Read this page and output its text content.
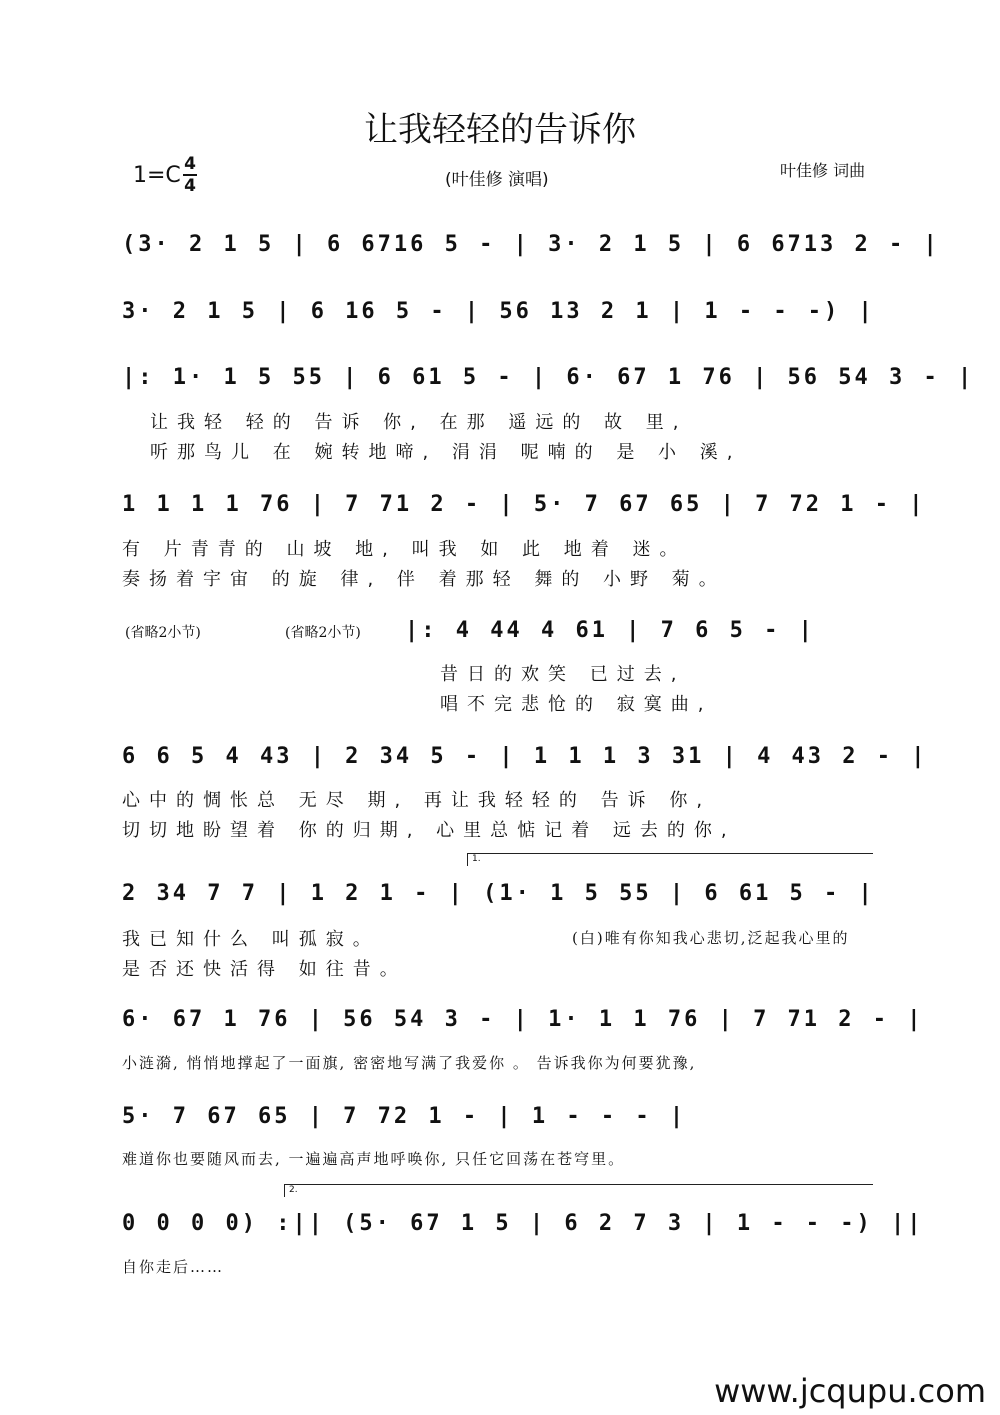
让我轻轻的告诉你
1=C 4
4	(叶佳修 演唱)	叶佳修 词曲
(3· 2 1 5 | 6 6716 5 - | 3· 2 1 5 | 6 6713 2 - |
3· 2 1 5 | 6 16 5 - | 56 13 2 1 | 1 - - -) |
|: 1· 1 5 55 | 6 61 5 - | 6· 67 1 76 | 56 54 3 - |
让我轻 轻的 告诉 你, 在那 遥远的 故 里,
听那鸟儿 在 婉转地啼, 涓涓 呢喃的 是 小 溪,
1 1 1 1 76 | 7 71 2 - | 5· 7 67 65 | 7 72 1 - |
有 片青青的 山坡 地, 叫我 如 此 地着 迷。
奏扬着宇宙 的旋 律, 伴 着那轻 舞的 小野 菊。
(省略2小节)	(省略2小节) |: 4 44 4 61 | 7 6 5 - |
昔日的欢笑 已过去,
唱不完悲怆的 寂寞曲,
6 6 5 4 43 | 2 34 5 - | 1 1 1 3 31 | 4 43 2 - |
心中的惆怅总 无尽 期, 再让我轻轻的 告诉 你,
切切地盼望着 你的归期, 心里总惦记着 远去的你,
1.
2 34 7 7 | 1 2 1 - | (1· 1 5 55 | 6 61 5 - |
我已知什么 叫孤寂。	(白)唯有你知我心悲切,泛起我心里的
是否还快活得 如往昔。
6· 67 1 76 | 56 54 3 - | 1· 1 1 76 | 7 71 2 - |
小涟漪, 悄悄地撑起了一面旗, 密密地写满了我爱你 。 告诉我你为何要犹豫,
5· 7 67 65 | 7 72 1 - | 1 - - - |
难道你也要随风而去, 一遍遍高声地呼唤你, 只任它回荡在苍穹里。
2.
0 0 0 0) :|| (5· 67 1 5 | 6 2 7 3 | 1 - - -) ||
自你走后……
www.jcqupu.com
